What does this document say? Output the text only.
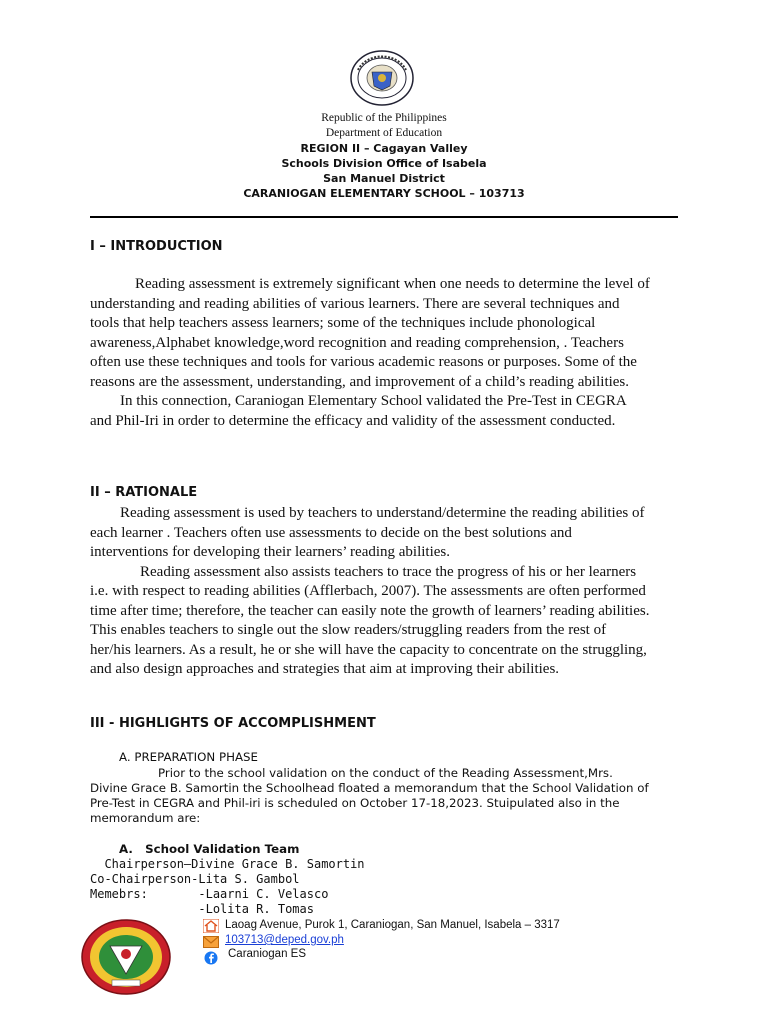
Republic of the Philippines
Department of Education
REGION II – Cagayan Valley
Schools Division Office of Isabela
San Manuel District
CARANIOGAN ELEMENTARY SCHOOL – 103713
I – INTRODUCTION

Reading assessment is extremely significant when one needs to determine the level of understanding and reading abilities of various learners. There are several techniques and tools that help teachers assess learners; some of the techniques include phonological awareness,Alphabet knowledge,word recognition and reading comprehension, . Teachers often use these techniques and tools for various academic reasons or purposes. Some of the reasons are the assessment, understanding, and improvement of a child’s reading abilities.

In this connection, Caraniogan Elementary School validated the Pre-Test in CEGRA and Phil-Iri in order to determine the efficacy and validity of the assessment conducted.

II – RATIONALE

Reading assessment is used by teachers to understand/determine the reading abilities of each learner . Teachers often use assessments to decide on the best solutions and interventions for developing their learners’ reading abilities.

Reading assessment also assists teachers to trace the progress of his or her learners i.e. with respect to reading abilities (Afflerbach, 2007). The assessments are often performed time after time; therefore, the teacher can easily note the growth of learners’ reading abilities. This enables teachers to single out the slow readers/struggling readers from the rest of her/his learners. As a result, he or she will have the capacity to concentrate on the struggling, and also design approaches and strategies that aim at improving their abilities.

III - HIGHLIGHTS OF ACCOMPLISHMENT
A. PREPARATION PHASE
Prior to the school validation on the conduct of the Reading Assessment,Mrs. Divine Grace B. Samortin the Schoolhead floated a memorandum that the School Validation of Pre-Test in CEGRA and Phil-iri is scheduled on October 17-18,2023. Stuipulated also in the memorandum are:
A.   School Validation Team
Chairperson—Divine Grace B. Samortin
Co-Chairperson-Lita S. Gambol
Memebrs:       -Laarni C. Velasco
-Lolita R. Tomas
Laoag Avenue, Purok 1, Caraniogan, San Manuel, Isabela – 3317
103713@deped.gov.ph
Caraniogan ES
